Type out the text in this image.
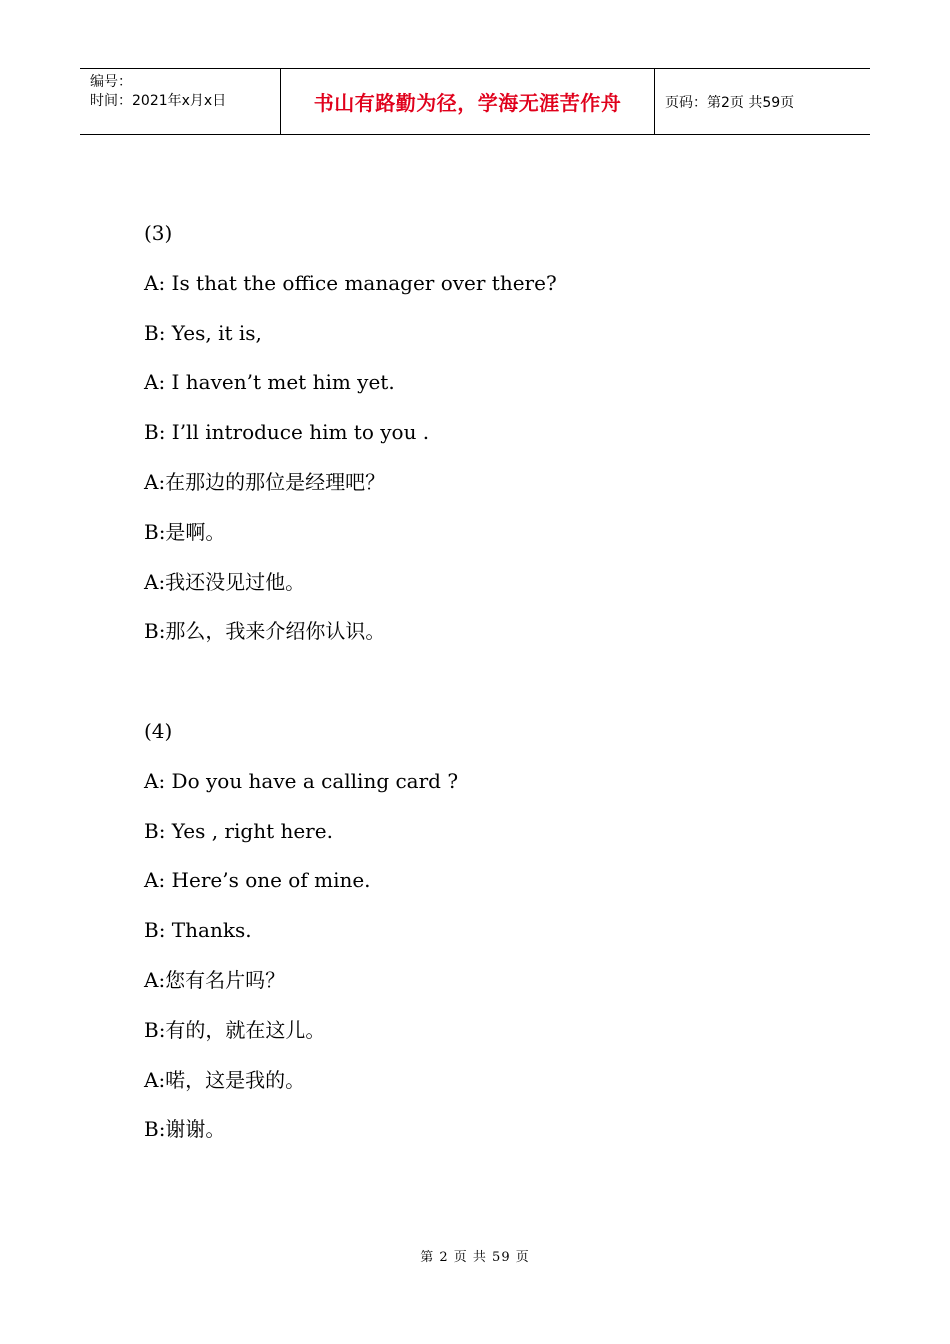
编号：
时间：2021年x月x日	书山有路勤为径，学海无涯苦作舟	页码：第2页 共59页
(3)
A: Is that the office manager over there?
B: Yes, it is,
A: I haven’t met him yet.
B: I’ll introduce him to you .
A:在那边的那位是经理吧？
B:是啊。
A:我还没见过他。
B:那么，我来介绍你认识。
(4)
A: Do you have a calling card ?
B: Yes , right here.
A: Here’s one of mine.
B: Thanks.
A:您有名片吗？
B:有的，就在这儿。
A:喏，这是我的。
B:谢谢。
第 2 页 共 59 页
